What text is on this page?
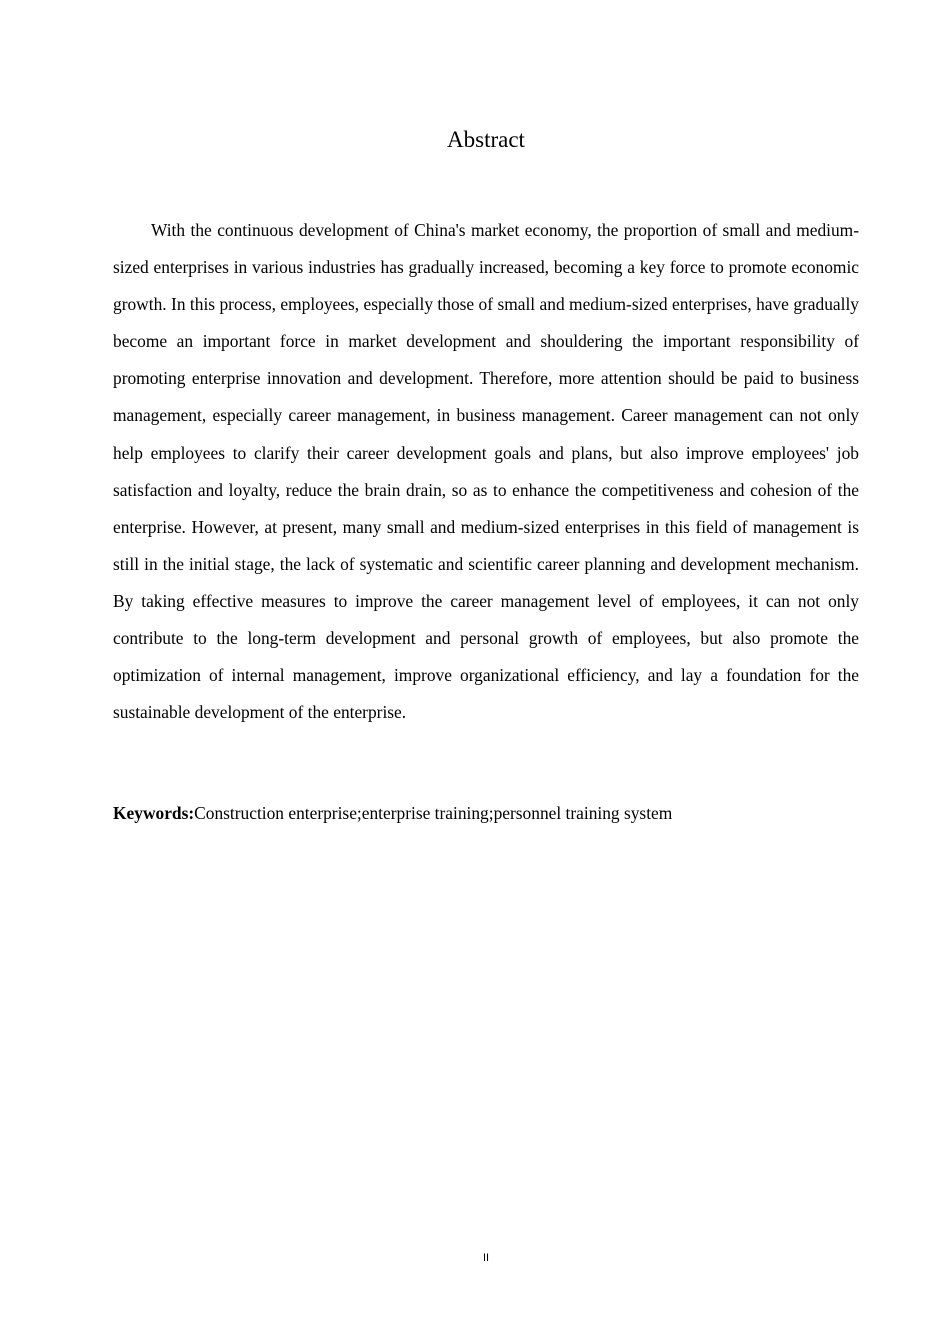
Abstract

With the continuous development of China's market economy, the proportion of small and medium-sized enterprises in various industries has gradually increased, becoming a key force to promote economic growth. In this process, employees, especially those of small and medium-sized enterprises, have gradually become an important force in market development and shouldering the important responsibility of promoting enterprise innovation and development. Therefore, more attention should be paid to business management, especially career management, in business management. Career management can not only help employees to clarify their career development goals and plans, but also improve employees' job satisfaction and loyalty, reduce the brain drain, so as to enhance the competitiveness and cohesion of the enterprise. However, at present, many small and medium-sized enterprises in this field of management is still in the initial stage, the lack of systematic and scientific career planning and development mechanism. By taking effective measures to improve the career management level of employees, it can not only contribute to the long-term development and personal growth of employees, but also promote the optimization of internal management, improve organizational efficiency, and lay a foundation for the sustainable development of the enterprise.

Keywords:Construction enterprise;enterprise training;personnel training system

II
